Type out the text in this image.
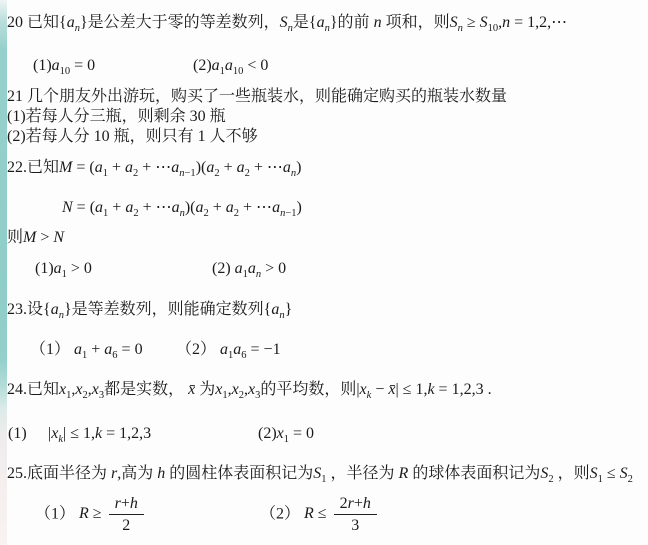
20 已知$\{a_n\}$是公差大于零的等差数列，$S_n$是$\{a_n\}$的前 n 项和，则$S_n \ge S_{10},n$ = 1,2,⋯
$(1)a_{10} = 0$	$(2)a_1a_{10} < 0$
21 几个朋友外出游玩，购买了一些瓶装水，则能确定购买的瓶装水数量
(1)若每人分三瓶，则剩余 30 瓶
(2)若每人分 10 瓶，则只有 1 人不够
22.已知$M = (a_1 + a_2$ + $\cdots a_{n-1})(a_2 + a_2$ + $\cdots a_n$)
$N = (a_1 + a_2$ + $\cdots a_n)(a_2 + a_2$ + $\cdots a_{n-1}$)
则M > N
$(1)a_1 > 0$	(2) $a_1a_n > 0$
23.设$\{a_n\}$是等差数列，则能确定数列$\{a_n\}$
（1） $a_1 + a_6 = 0$ （2） $a_1a_6 = -1$
24.已知$x_1,x_2,x_3$都是实数， x̄ 为$x_1,x_2,x_3$的平均数，则$|x_k$ − x̄| ≤ 1,k = 1,2,3 .
(1) $|x_k| \le 1,k = 1,2,3$	$(2)x_1 = 0$
25.底面半径为 r,高为 h 的圆柱体表面积记为$S_1$ ，半径为 R 的球体表面积记为$S_2$ ，则$S_1 \le S_2$
（1） $R \ge \frac{r+h}{2}$	（2） $R \le \frac{2r+h}{3}$
